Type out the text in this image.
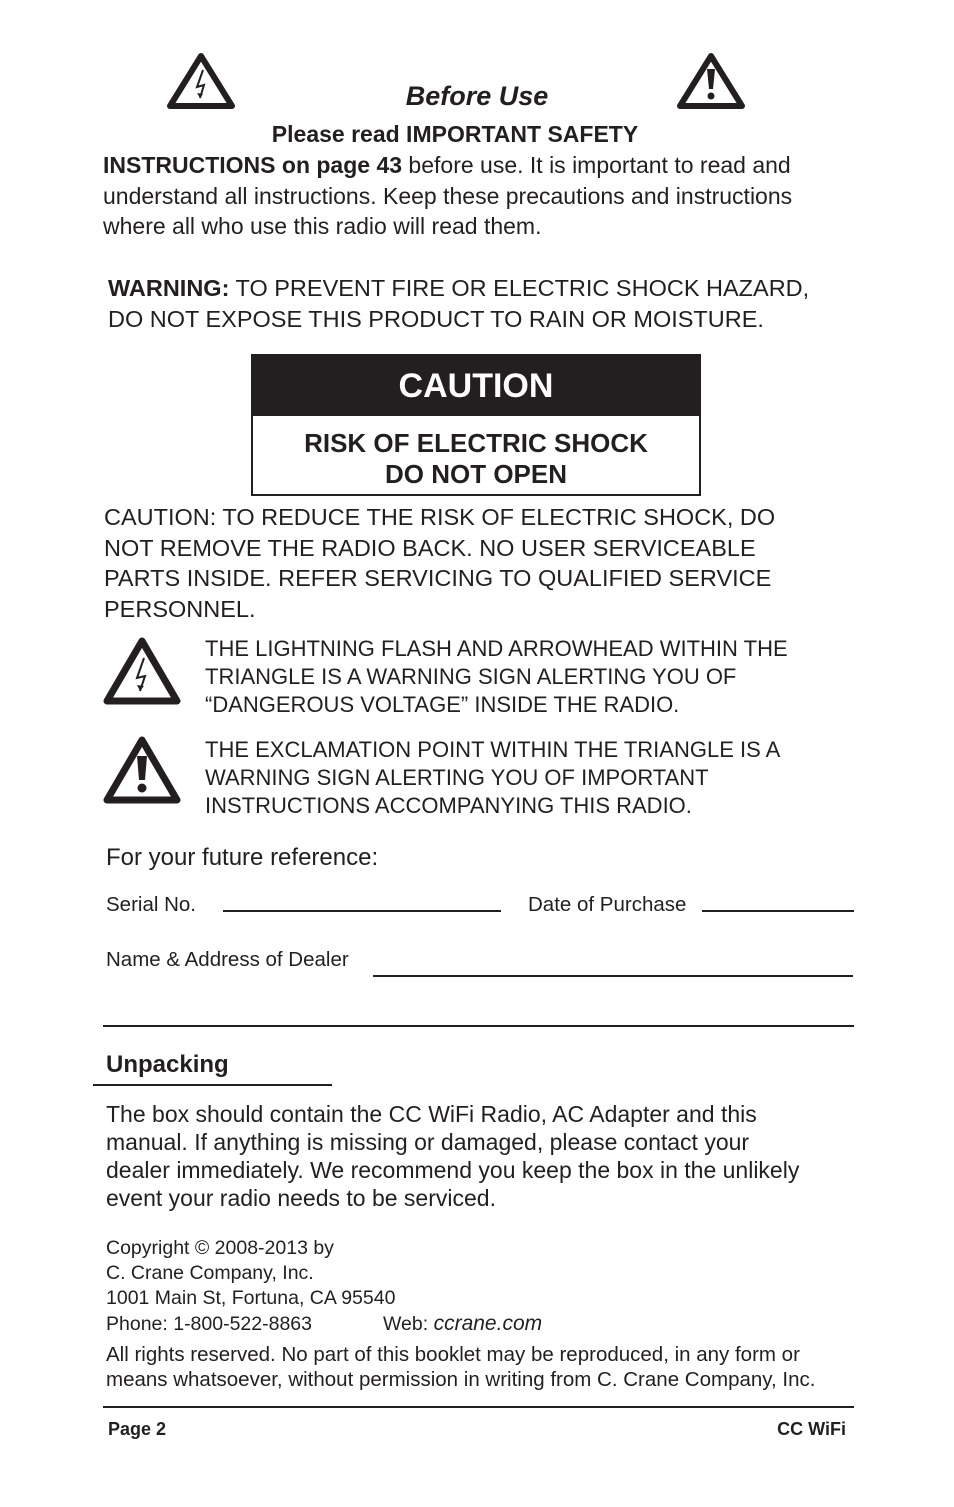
Before Use
Please read IMPORTANT SAFETY
INSTRUCTIONS on page 43 before use. It is important to read and
understand all instructions. Keep these precautions and instructions
where all who use this radio will read them.
WARNING: TO PREVENT FIRE OR ELECTRIC SHOCK HAZARD,
DO NOT EXPOSE THIS PRODUCT TO RAIN OR MOISTURE.
CAUTION
RISK OF ELECTRIC SHOCK
DO NOT OPEN
CAUTION: TO REDUCE THE RISK OF ELECTRIC SHOCK, DO
NOT REMOVE THE RADIO BACK. NO USER SERVICEABLE
PARTS INSIDE. REFER SERVICING TO QUALIFIED SERVICE
PERSONNEL.
THE LIGHTNING FLASH AND ARROWHEAD WITHIN THE
TRIANGLE IS A WARNING SIGN ALERTING YOU OF
“DANGEROUS VOLTAGE” INSIDE THE RADIO.
THE EXCLAMATION POINT WITHIN THE TRIANGLE IS A
WARNING SIGN ALERTING YOU OF IMPORTANT
INSTRUCTIONS ACCOMPANYING THIS RADIO.
For your future reference:
Serial No.	Date of Purchase
Name & Address of Dealer
Unpacking
The box should contain the CC WiFi Radio, AC Adapter and this
manual. If anything is missing or damaged, please contact your
dealer immediately. We recommend you keep the box in the unlikely
event your radio needs to be serviced.
Copyright © 2008-2013 by
C. Crane Company, Inc.
1001 Main St, Fortuna, CA 95540
Phone: 1-800-522-8863	Web: ccrane.com
All rights reserved. No part of this booklet may be reproduced, in any form or
means whatsoever, without permission in writing from C. Crane Company, Inc.
Page 2	CC WiFi
